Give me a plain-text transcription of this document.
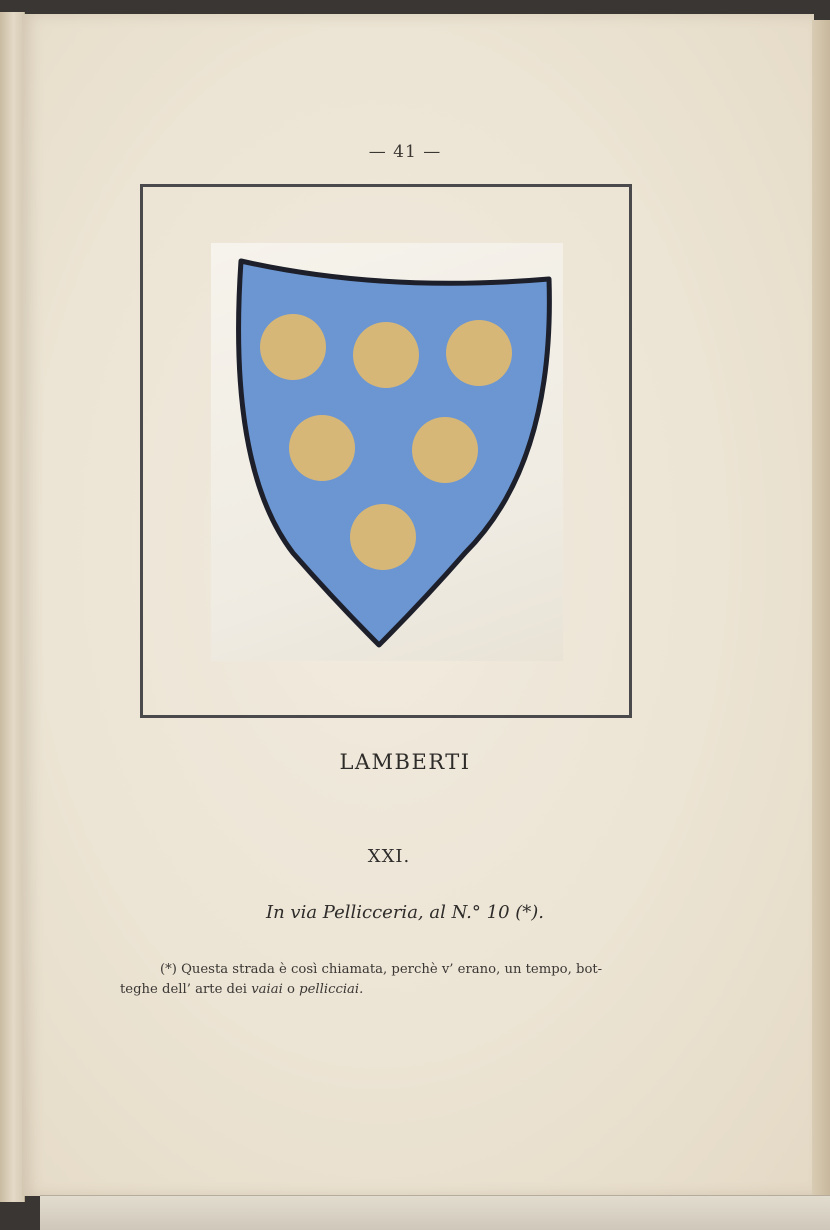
— 41 —
LAMBERTI
XXI.
In via Pellicceria, al N.° 10 (*).
(*) Questa strada è così chiamata, perchè v’ erano, un tempo, bot-
teghe dell’ arte dei vaiai o pellicciai.
